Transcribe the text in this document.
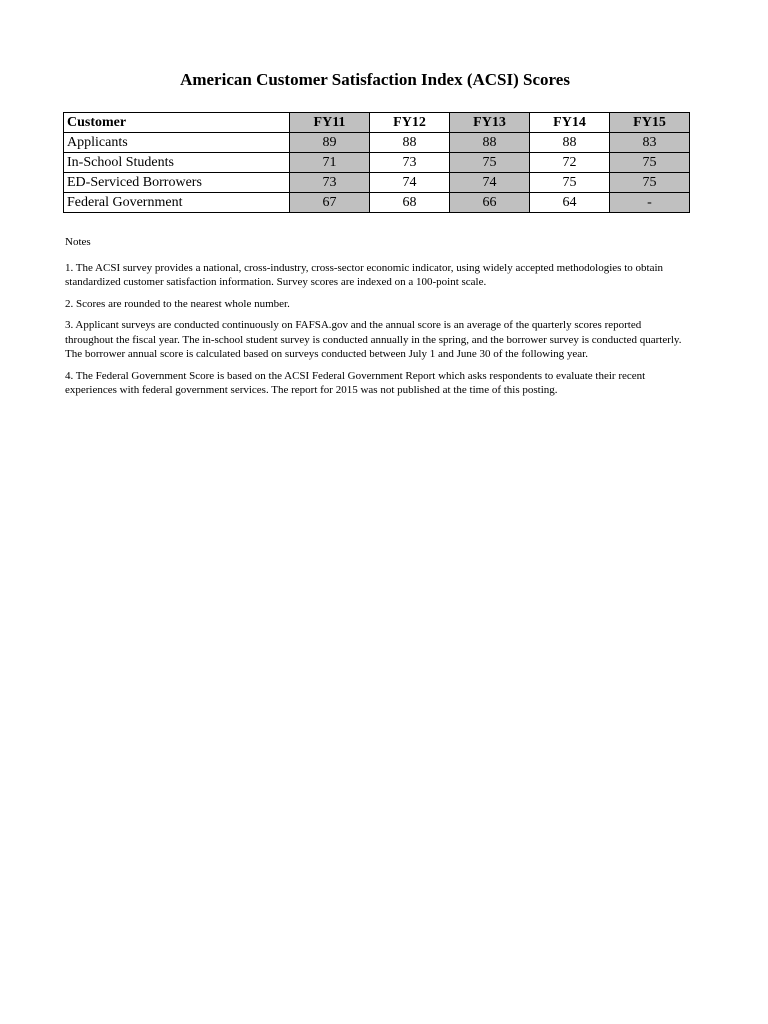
American Customer Satisfaction Index (ACSI) Scores
Customer	FY11	FY12	FY13	FY14	FY15
Applicants	89	88	88	88	83
In-School Students	71	73	75	72	75
ED-Serviced Borrowers	73	74	74	75	75
Federal Government	67	68	66	64	-

Notes

1. The ACSI survey provides a national, cross-industry, cross-sector economic indicator, using widely accepted methodologies to obtain standardized customer satisfaction information. Survey scores are indexed on a 100-point scale.

2. Scores are rounded to the nearest whole number.

3. Applicant surveys are conducted continuously on FAFSA.gov and the annual score is an average of the quarterly scores reported throughout the fiscal year. The in-school student survey is conducted annually in the spring, and the borrower survey is conducted quarterly. The borrower annual score is calculated based on surveys conducted between July 1 and June 30 of the following year.

4. The Federal Government Score is based on the ACSI Federal Government Report which asks respondents to evaluate their recent experiences with federal government services. The report for 2015 was not published at the time of this posting.
